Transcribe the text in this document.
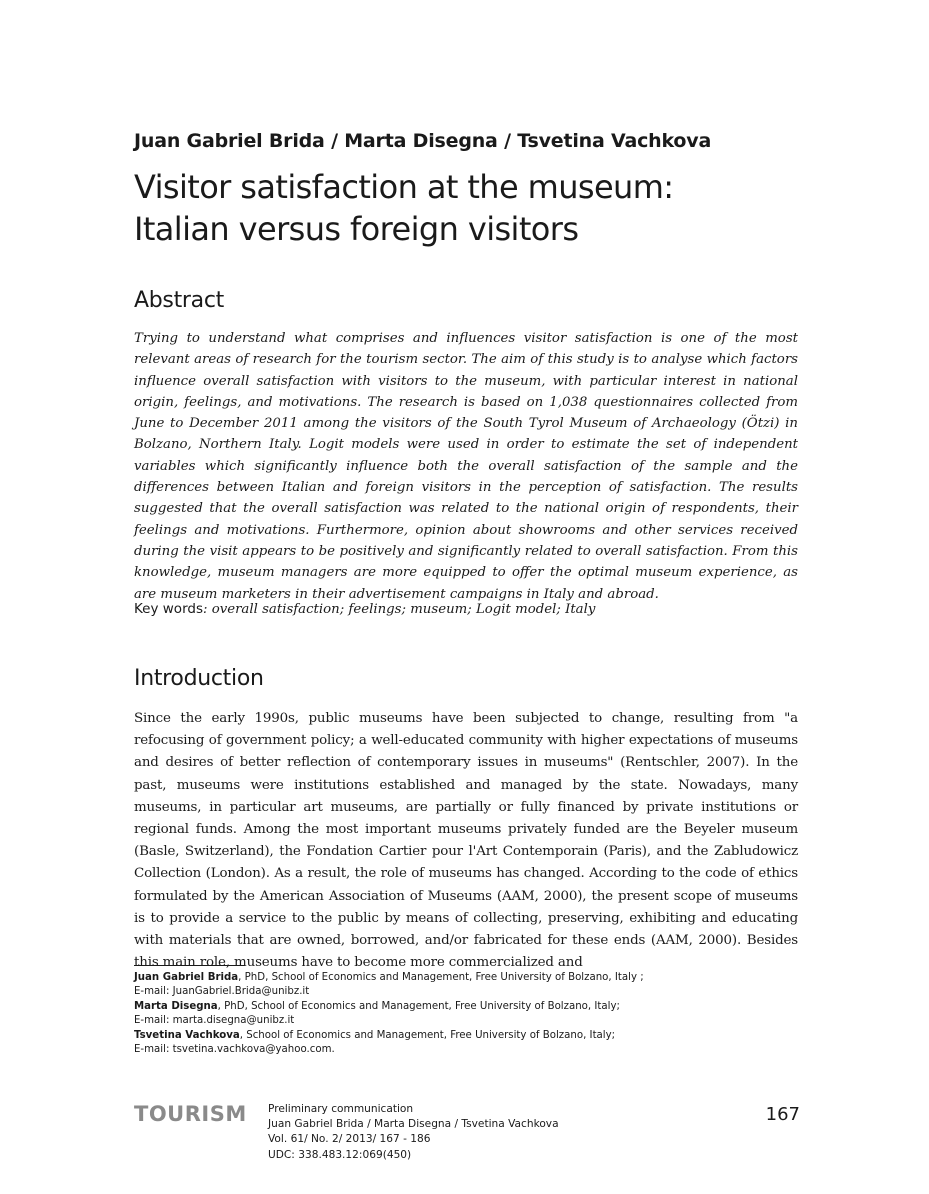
Juan Gabriel Brida / Marta Disegna / Tsvetina Vachkova
Visitor satisfaction at the museum:
Italian versus foreign visitors
Abstract

Trying to understand what comprises and influences visitor satisfaction is one of the most relevant areas of research for the tourism sector. The aim of this study is to analyse which factors influence overall satisfaction with visitors to the museum, with particular interest in national origin, feelings, and motivations. The research is based on 1,038 questionnaires collected from June to December 2011 among the visitors of the South Tyrol Museum of Archaeology (Ötzi) in Bolzano, Northern Italy. Logit models were used in order to estimate the set of independent variables which significantly influence both the overall satisfaction of the sample and the differences between Italian and foreign visitors in the perception of satisfaction. The results suggested that the overall satisfaction was related to the national origin of respondents, their feelings and motivations. Furthermore, opinion about showrooms and other services received during the visit appears to be positively and significantly related to overall satisfaction. From this knowledge, museum managers are more equipped to offer the optimal museum experience, as are museum marketers in their advertisement campaigns in Italy and abroad.

Key words: overall satisfaction; feelings; museum; Logit model; Italy
Introduction

Since the early 1990s, public museums have been subjected to change, resulting from "a refocusing of government policy; a well-educated community with higher expectations of museums and desires of better reflection of contemporary issues in museums" (Rentschler, 2007). In the past, museums were institutions established and managed by the state. Nowadays, many museums, in particular art museums, are partially or fully financed by private institutions or regional funds. Among the most important museums privately funded are the Beyeler museum (Basle, Switzerland), the Fondation Cartier pour l'Art Contemporain (Paris), and the Zabludowicz Collection (London). As a result, the role of museums has changed. According to the code of ethics formulated by the American Association of Museums (AAM, 2000), the present scope of museums is to provide a service to the public by means of collecting, preserving, exhibiting and educating with materials that are owned, borrowed, and/or fabricated for these ends (AAM, 2000). Besides this main role, museums have to become more commercialized and

Juan Gabriel Brida, PhD, School of Economics and Management, Free University of Bolzano, Italy ;
E-mail: JuanGabriel.Brida@unibz.it
Marta Disegna, PhD, School of Economics and Management, Free University of Bolzano, Italy;
E-mail: marta.disegna@unibz.it
Tsvetina Vachkova, School of Economics and Management, Free University of Bolzano, Italy;
E-mail: tsvetina.vachkova@yahoo.com.
TOURISM Preliminary communication
Juan Gabriel Brida / Marta Disegna / Tsvetina Vachkova
Vol. 61/ No. 2/ 2013/ 167 - 186
UDC: 338.483.12:069(450)
167
